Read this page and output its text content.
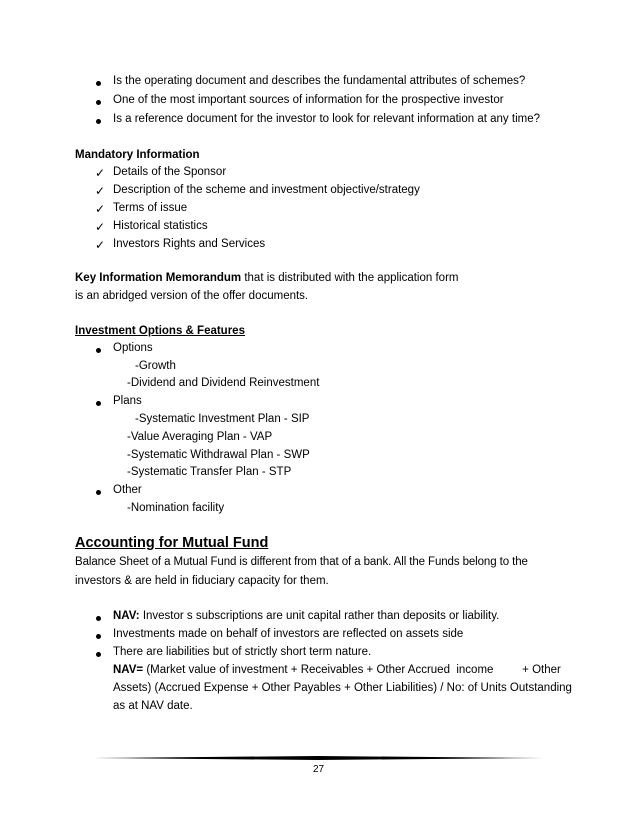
Is the operating document and describes the fundamental attributes of schemes?
One of the most important sources of information for the prospective investor
Is a reference document for the investor to look for relevant information at any time?
Mandatory Information
✓ Details of the Sponsor
✓ Description of the scheme and investment objective/strategy
✓ Terms of issue
✓ Historical statistics
✓ Investors Rights and Services
Key Information Memorandum that is distributed with the application form
is an abridged version of the offer documents.
Investment Options & Features
Options
-Growth
-Dividend and Dividend Reinvestment
Plans
-Systematic Investment Plan - SIP
-Value Averaging Plan - VAP
-Systematic Withdrawal Plan - SWP
-Systematic Transfer Plan - STP
Other
-Nomination facility
Accounting for Mutual Fund
Balance Sheet of a Mutual Fund is different from that of a bank. All the Funds belong to the
investors & are held in fiduciary capacity for them.
NAV: Investor s subscriptions are unit capital rather than deposits or liability.
Investments made on behalf of investors are reflected on assets side
There are liabilities but of strictly short term nature.
NAV= (Market value of investment + Receivables + Other Accrued  income         + Other
Assets) (Accrued Expense + Other Payables + Other Liabilities) / No: of Units Outstanding
as at NAV date.
27
